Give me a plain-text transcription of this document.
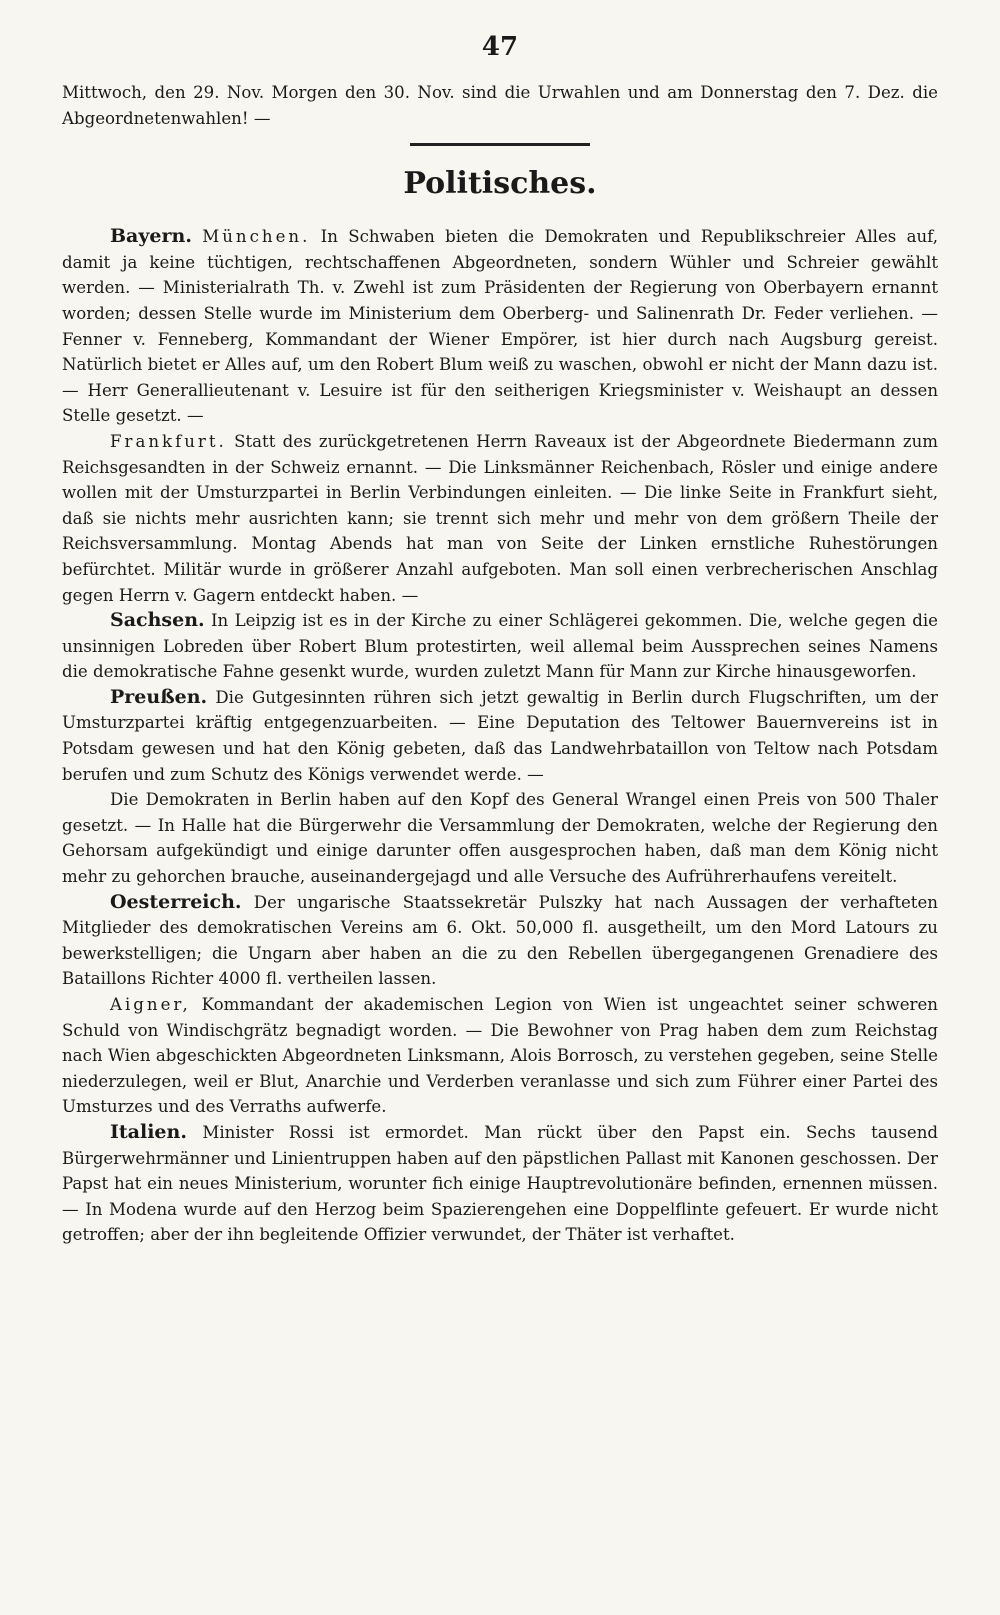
47

Mittwoch, den 29. Nov. Morgen den 30. Nov. sind die Urwahlen und am Donnerstag den 7. Dez. die Abgeordnetenwahlen! —

Politisches.

Bayern. München. In Schwaben bieten die Demokraten und Republikschreier Alles auf, damit ja keine tüchtigen, rechtschaffenen Abgeordneten, sondern Wühler und Schreier gewählt werden. — Ministerialrath Th. v. Zwehl ist zum Präsidenten der Regierung von Oberbayern ernannt worden; dessen Stelle wurde im Ministerium dem Oberberg- und Salinenrath Dr. Feder verliehen. — Fenner v. Fenneberg, Kommandant der Wiener Empörer, ist hier durch nach Augsburg gereist. Natürlich bietet er Alles auf, um den Robert Blum weiß zu waschen, obwohl er nicht der Mann dazu ist. — Herr Generallieutenant v. Lesuire ist für den seitherigen Kriegsminister v. Weishaupt an dessen Stelle gesetzt. —

Frankfurt. Statt des zurückgetretenen Herrn Raveaux ist der Abgeordnete Biedermann zum Reichsgesandten in der Schweiz ernannt. — Die Linksmänner Reichenbach, Rösler und einige andere wollen mit der Umsturzpartei in Berlin Verbindungen einleiten. — Die linke Seite in Frankfurt sieht, daß sie nichts mehr ausrichten kann; sie trennt sich mehr und mehr von dem größern Theile der Reichsversammlung. Montag Abends hat man von Seite der Linken ernstliche Ruhestörungen befürchtet. Militär wurde in größerer Anzahl aufgeboten. Man soll einen verbrecherischen Anschlag gegen Herrn v. Gagern entdeckt haben. —

Sachsen. In Leipzig ist es in der Kirche zu einer Schlägerei gekommen. Die, welche gegen die unsinnigen Lobreden über Robert Blum protestirten, weil allemal beim Aussprechen seines Namens die demokratische Fahne gesenkt wurde, wurden zuletzt Mann für Mann zur Kirche hinausgeworfen.

Preußen. Die Gutgesinnten rühren sich jetzt gewaltig in Berlin durch Flugschriften, um der Umsturzpartei kräftig entgegenzuarbeiten. — Eine Deputation des Teltower Bauernvereins ist in Potsdam gewesen und hat den König gebeten, daß das Landwehrbataillon von Teltow nach Potsdam berufen und zum Schutz des Königs verwendet werde. —

Die Demokraten in Berlin haben auf den Kopf des General Wrangel einen Preis von 500 Thaler gesetzt. — In Halle hat die Bürgerwehr die Versammlung der Demokraten, welche der Regierung den Gehorsam aufgekündigt und einige darunter offen ausgesprochen haben, daß man dem König nicht mehr zu gehorchen brauche, auseinandergejagd und alle Versuche des Aufrührerhaufens vereitelt.

Oesterreich. Der ungarische Staatssekretär Pulszky hat nach Aussagen der verhafteten Mitglieder des demokratischen Vereins am 6. Okt. 50,000 fl. ausgetheilt, um den Mord Latours zu bewerkstelligen; die Ungarn aber haben an die zu den Rebellen übergegangenen Grenadiere des Bataillons Richter 4000 fl. vertheilen lassen.

Aigner, Kommandant der akademischen Legion von Wien ist ungeachtet seiner schweren Schuld von Windischgrätz begnadigt worden. — Die Bewohner von Prag haben dem zum Reichstag nach Wien abgeschickten Abgeordneten Linksmann, Alois Borrosch, zu verstehen gegeben, seine Stelle niederzulegen, weil er Blut, Anarchie und Verderben veranlasse und sich zum Führer einer Partei des Umsturzes und des Verraths aufwerfe.

Italien. Minister Rossi ist ermordet. Man rückt über den Papst ein. Sechs tausend Bürgerwehrmänner und Linientruppen haben auf den päpstlichen Pallast mit Kanonen geschossen. Der Papst hat ein neues Ministerium, worunter fich einige Hauptrevolutionäre befinden, ernennen müssen. — In Modena wurde auf den Herzog beim Spazierengehen eine Doppelflinte gefeuert. Er wurde nicht getroffen; aber der ihn begleitende Offizier verwundet, der Thäter ist verhaftet.
